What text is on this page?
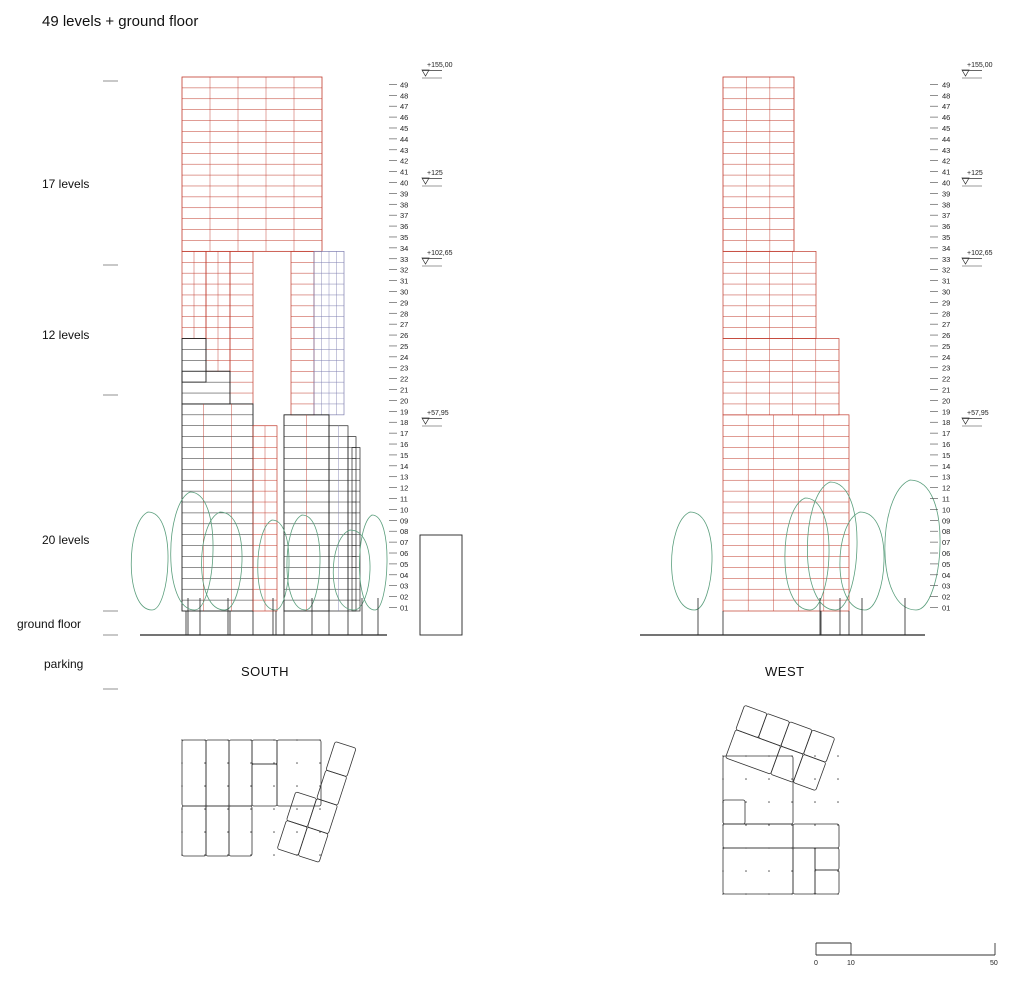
49 levels + ground floor
17 levels
12 levels
20 levels
ground floor
parking	SOUTH	WEST
49
48
47
46
45
44
43
42
41
40
39
38
37
36
35
34
33
32
31
30
29
28
27
26
25
24
23
22
21
20
19
18
17
16
15
14
13
12
11
10
09
08
07
06
05
04
03
02
01
49
48
47
46
45
44
43
42
41
40
39
38
37
36
35
34
33
32
31
30
29
28
27
26
25
24
23
22
21
20
19
18
17
16
15
14
13
12
11
10
09
08
07
06
05
04
03
02
01
+155,00	+155,00
+125	+125
+102,65	+102,65
+57,95	+57,95
0	10	50
